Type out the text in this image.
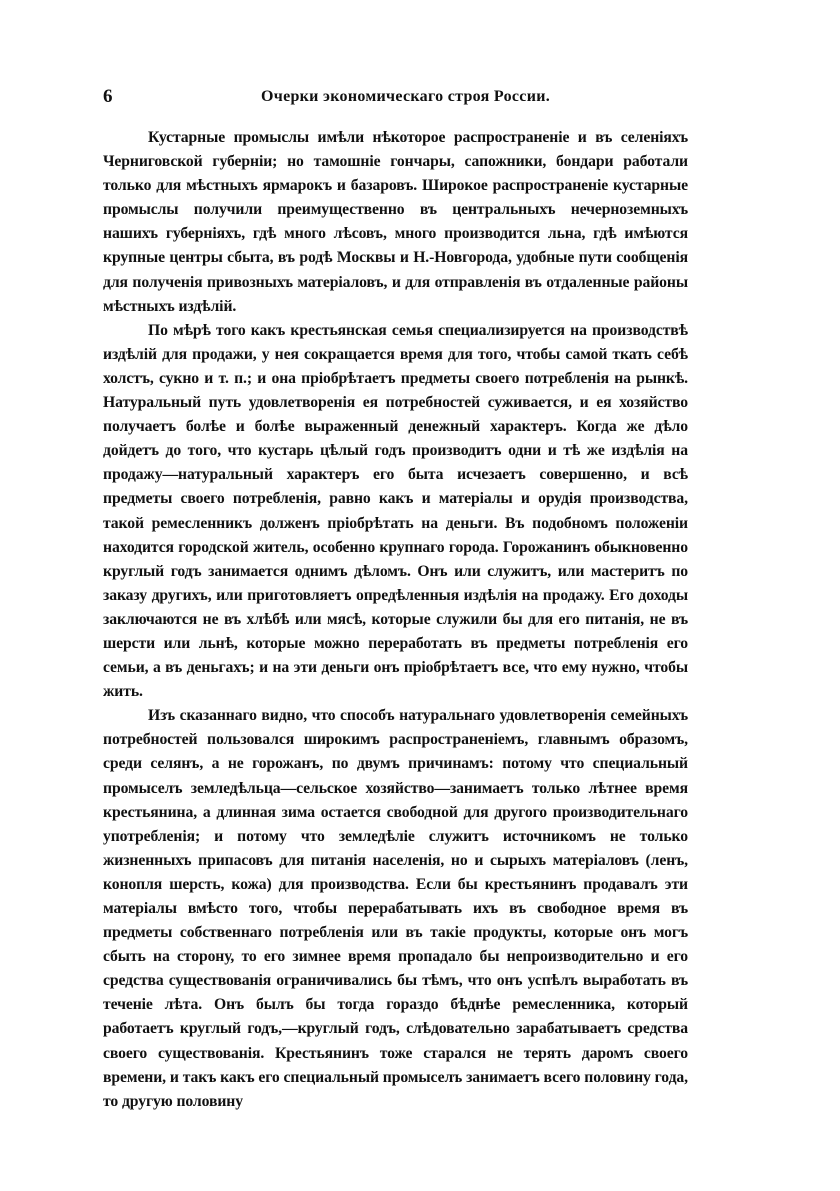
6	Очерки экономическаго строя России.

Кустарные промыслы имѣли нѣкоторое распространенiе и въ селенiяхъ Черниговской губернiи; но тамошнiе гончары, сапожники, бондари работали только для мѣстныхъ ярмарокъ и базаровъ. Широкое распространенiе кустарные промыслы получили преимущественно въ центральныхъ нечерноземныхъ нашихъ губернiяхъ, гдѣ много лѣсовъ, много производится льна, гдѣ имѣются крупные центры сбыта, въ родѣ Москвы и Н.-Новгорода, удобные пути сообщенiя для полученiя привозныхъ матерiаловъ, и для отправленiя въ отдаленные районы мѣстныхъ издѣлiй.

По мѣрѣ того какъ крестьянская семья специализируется на производствѣ издѣлiй для продажи, у нея сокращается время для того, чтобы самой ткать себѣ холстъ, сукно и т. п.; и она прiобрѣтаетъ предметы своего потребленiя на рынкѣ. Натуральный путь удовлетворенiя ея потребностей суживается, и ея хозяйство получаетъ болѣе и болѣе выраженный денежный характеръ. Когда же дѣло дойдетъ до того, что кустарь цѣлый годъ производитъ одни и тѣ же издѣлiя на продажу—натуральный характеръ его быта исчезаетъ совершенно, и всѣ предметы своего потребленiя, равно какъ и матерiалы и орудiя производства, такой ремесленникъ долженъ прiобрѣтать на деньги. Въ подобномъ положенiи находится городской житель, особенно крупнаго города. Горожанинъ обыкновенно круглый годъ занимается однимъ дѣломъ. Онъ или служитъ, или мастеритъ по заказу другихъ, или приготовляетъ опредѣленныя издѣлiя на продажу. Его доходы заключаются не въ хлѣбѣ или мясѣ, которые служили бы для его питанiя, не въ шерсти или льнѣ, которые можно переработать въ предметы потребленiя его семьи, а въ деньгахъ; и на эти деньги онъ прiобрѣтаетъ все, что ему нужно, чтобы жить.

Изъ сказаннаго видно, что способъ натуральнаго удовлетворенiя семейныхъ потребностей пользовался широкимъ распространенiемъ, главнымъ образомъ, среди селянъ, а не горожанъ, по двумъ причинамъ: потому что специальный промыселъ земледѣльца—сельское хозяйство—занимаетъ только лѣтнее время крестьянина, а длинная зима остается свободной для другого производительнаго употребленiя; и потому что земледѣлiе служитъ источникомъ не только жизненныхъ припасовъ для питанiя населенiя, но и сырыхъ матерiаловъ (ленъ, конопля шерсть, кожа) для производства. Если бы крестьянинъ продавалъ эти матерiалы вмѣсто того, чтобы перерабатывать ихъ въ свободное время въ предметы собственнаго потребленiя или въ такiе продукты, которые онъ могъ сбыть на сторону, то его зимнее время пропадало бы непроизводительно и его средства существованiя ограничивались бы тѣмъ, что онъ успѣлъ выработать въ теченiе лѣта. Онъ былъ бы тогда гораздо бѣднѣе ремесленника, который работаетъ круглый годъ,—круглый годъ, слѣдовательно зарабатываетъ средства своего существованiя. Крестьянинъ тоже старался не терять даромъ своего времени, и такъ какъ его специальный промыселъ занимаетъ всего половину года, то другую половину
